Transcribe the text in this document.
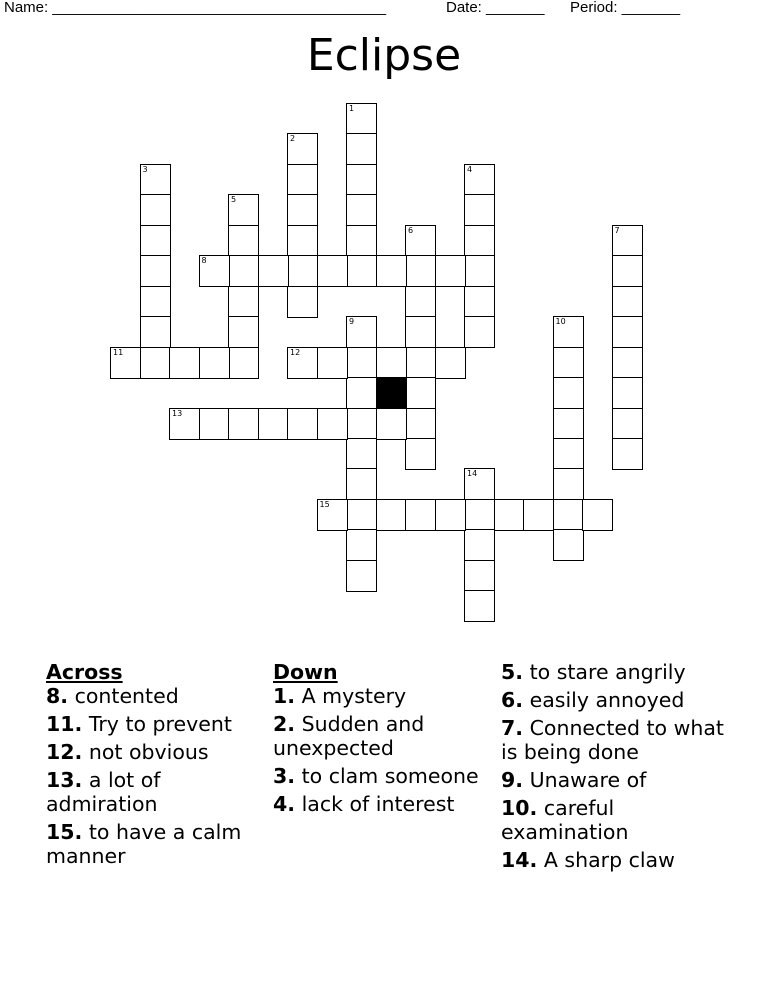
Name: ________________________________________	Date: _______ Period: _______
Eclipse
1
2
3	4
5
6	7
8
9	10
11	12
13
14
15
Across
8. contented
11. Try to prevent
12. not obvious
13. a lot of admiration
15. to have a calm manner
Down
1. A mystery
2. Sudden and unexpected
3. to clam someone
4. lack of interest
5. to stare angrily
6. easily annoyed
7. Connected to what is being done
9. Unaware of
10. careful examination
14. A sharp claw
